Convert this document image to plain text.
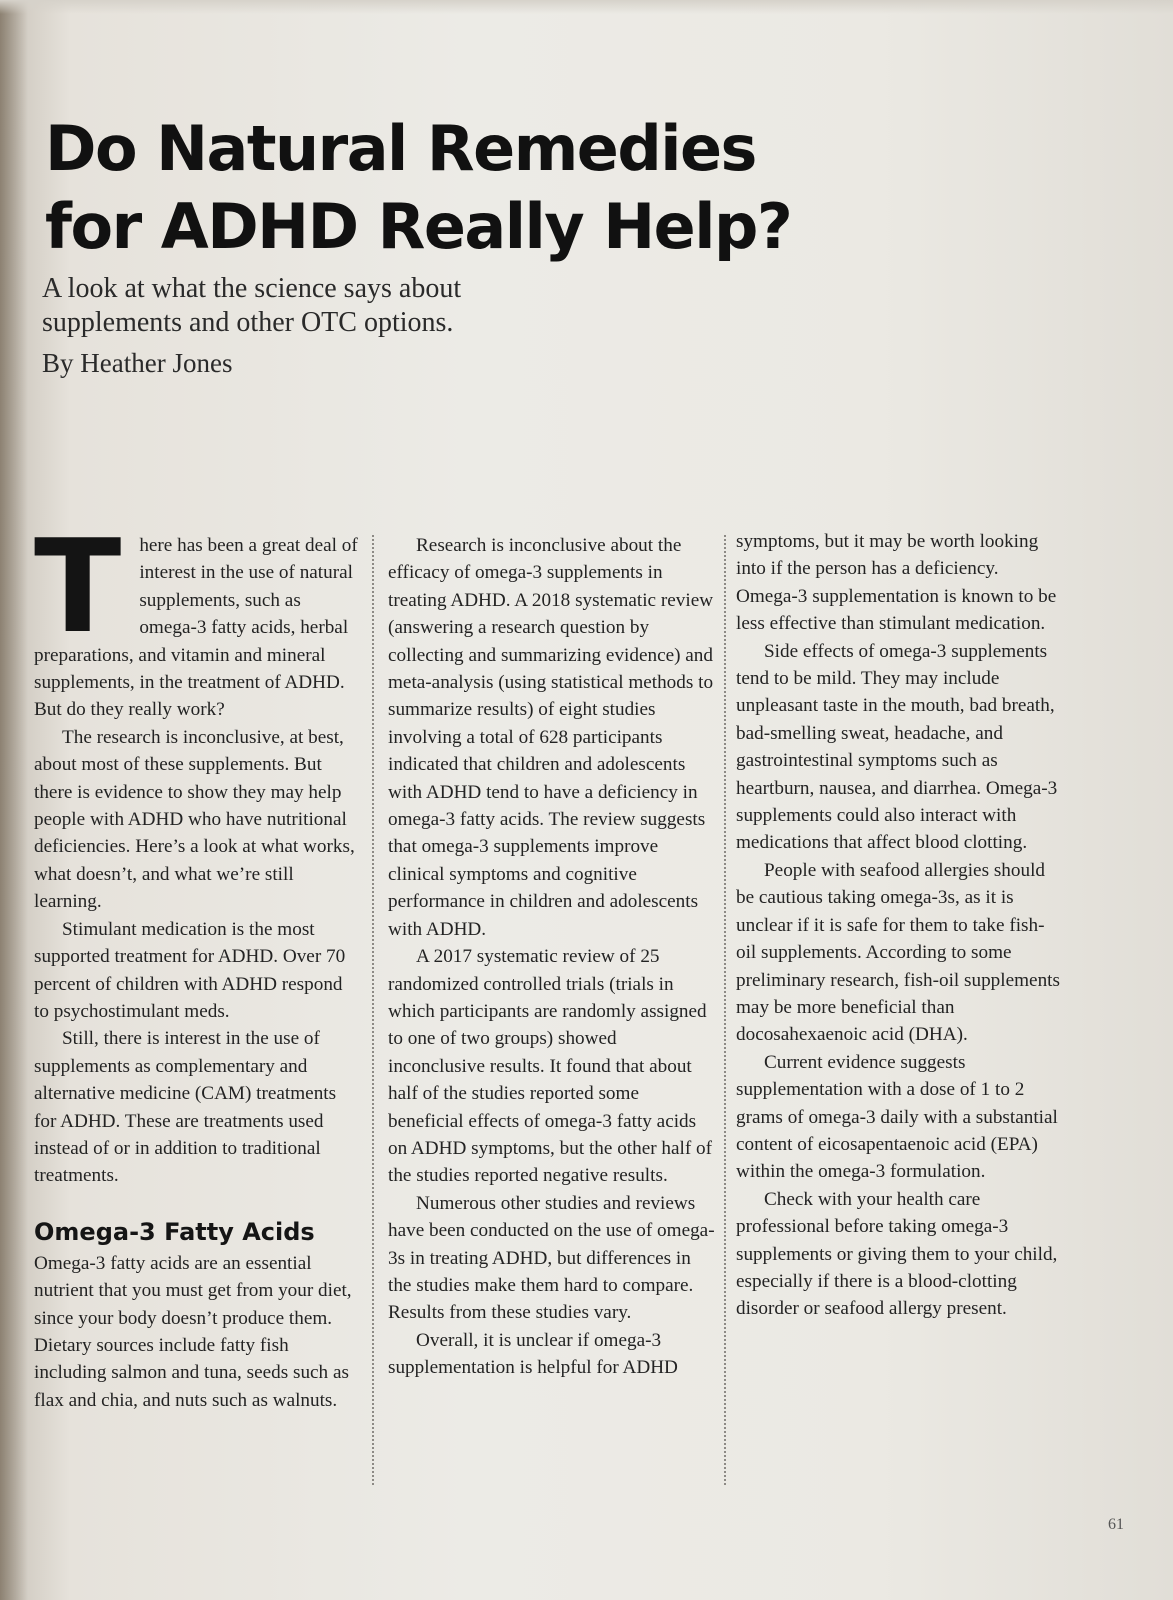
Do Natural Remedies
for ADHD Really Help?

A look at what the science says about
supplements and other OTC options.

By Heather Jones

T here has been a great deal of interest in the use of natural supplements, such as omega-3 fatty acids, herbal preparations, and vitamin and mineral supplements, in the treatment of ADHD. But do they really work?

The research is inconclusive, at best, about most of these supplements. But there is evidence to show they may help people with ADHD who have nutritional deficiencies. Here’s a look at what works, what doesn’t, and what we’re still learning.

Stimulant medication is the most supported treatment for ADHD. Over 70 percent of children with ADHD respond to psychostimulant meds.

Still, there is interest in the use of supplements as complementary and alternative medicine (CAM) treatments for ADHD. These are treatments used instead of or in addition to traditional treatments.

Omega-3 Fatty Acids

Omega-3 fatty acids are an essential nutrient that you must get from your diet, since your body doesn’t produce them. Dietary sources include fatty fish including salmon and tuna, seeds such as flax and chia, and nuts such as walnuts.

Research is inconclusive about the efficacy of omega-3 supplements in treating ADHD. A 2018 systematic review (answering a research question by collecting and summarizing evidence) and meta-analysis (using statistical methods to summarize results) of eight studies involving a total of 628 participants indicated that children and adolescents with ADHD tend to have a deficiency in omega-3 fatty acids. The review suggests that omega-3 supplements improve clinical symptoms and cognitive performance in children and adolescents with ADHD.

A 2017 systematic review of 25 randomized controlled trials (trials in which participants are randomly assigned to one of two groups) showed inconclusive results. It found that about half of the studies reported some beneficial effects of omega-3 fatty acids on ADHD symptoms, but the other half of the studies reported negative results.

Numerous other studies and reviews have been conducted on the use of omega-3s in treating ADHD, but differences in the studies make them hard to compare. Results from these studies vary.

Overall, it is unclear if omega-3 supplementation is helpful for ADHD

symptoms, but it may be worth looking into if the person has a deficiency. Omega-3 supplementation is known to be less effective than stimulant medication.

Side effects of omega-3 supplements tend to be mild. They may include unpleasant taste in the mouth, bad breath, bad-smelling sweat, headache, and gastrointestinal symptoms such as heartburn, nausea, and diarrhea. Omega-3 supplements could also interact with medications that affect blood clotting.

People with seafood allergies should be cautious taking omega-3s, as it is unclear if it is safe for them to take fish-oil supplements. According to some preliminary research, fish-oil supplements may be more beneficial than docosahexaenoic acid (DHA).

Current evidence suggests supplementation with a dose of 1 to 2 grams of omega-3 daily with a substantial content of eicosapentaenoic acid (EPA) within the omega-3 formulation.

Check with your health care professional before taking omega-3 supplements or giving them to your child, especially if there is a blood-clotting disorder or seafood allergy present.

61
